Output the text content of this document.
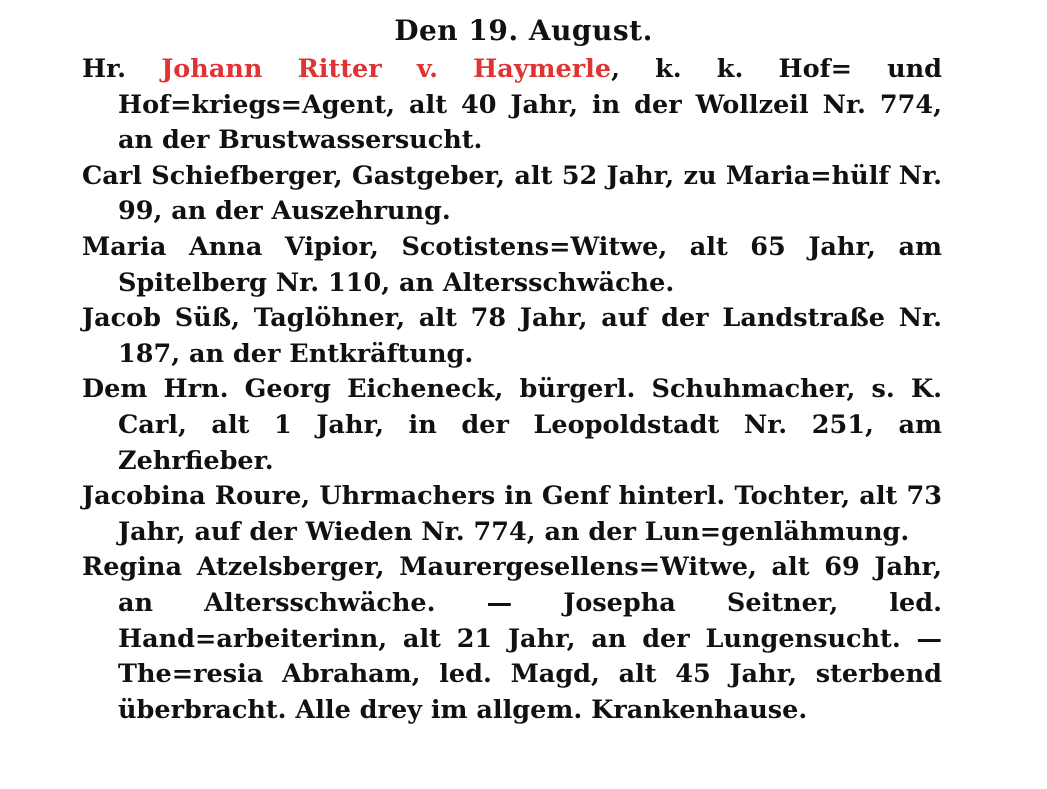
Den 19. August.

Hr. Johann Ritter v. Haymerle, k. k. Hof= und Hof=kriegs=Agent, alt 40 Jahr, in der Wollzeil Nr. 774, an der Brustwassersucht.

Carl Schiefberger, Gastgeber, alt 52 Jahr, zu Maria=hülf Nr. 99, an der Auszehrung.

Maria Anna Vipior, Scotistens=Witwe, alt 65 Jahr, am Spitelberg Nr. 110, an Altersschwäche.

Jacob Süß, Taglöhner, alt 78 Jahr, auf der Landstraße Nr. 187, an der Entkräftung.

Dem Hrn. Georg Eicheneck, bürgerl. Schuhmacher, s. K. Carl, alt 1 Jahr, in der Leopoldstadt Nr. 251, am Zehrfieber.

Jacobina Roure, Uhrmachers in Genf hinterl. Tochter, alt 73 Jahr, auf der Wieden Nr. 774, an der Lun=genlähmung.

Regina Atzelsberger, Maurergesellens=Witwe, alt 69 Jahr, an Altersschwäche. — Josepha Seitner, led. Hand=arbeiterinn, alt 21 Jahr, an der Lungensucht. — The=resia Abraham, led. Magd, alt 45 Jahr, sterbend überbracht. Alle drey im allgem. Krankenhause.
